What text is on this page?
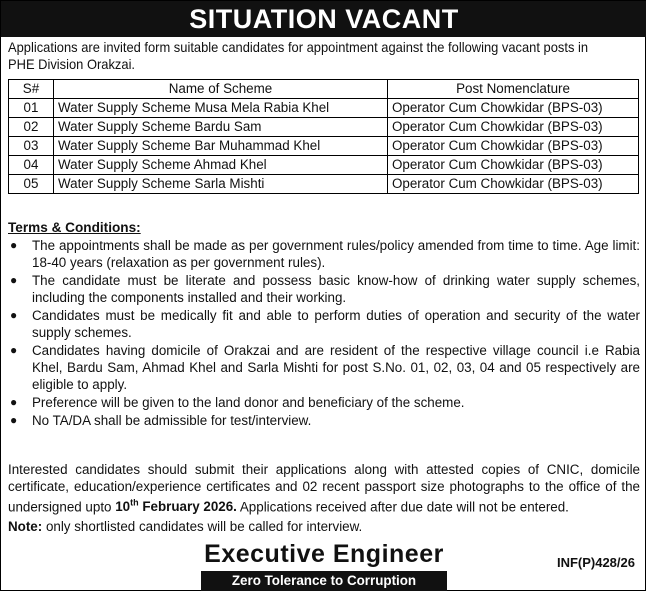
SITUATION VACANT
Applications are invited form suitable candidates for appointment against the following vacant posts in PHE Division Orakzai.
S#	Name of Scheme	Post Nomenclature
01	Water Supply Scheme Musa Mela Rabia Khel	Operator Cum Chowkidar (BPS-03)
02	Water Supply Scheme Bardu Sam	Operator Cum Chowkidar (BPS-03)
03	Water Supply Scheme Bar Muhammad Khel	Operator Cum Chowkidar (BPS-03)
04	Water Supply Scheme Ahmad Khel	Operator Cum Chowkidar (BPS-03)
05	Water Supply Scheme Sarla Mishti	Operator Cum Chowkidar (BPS-03)
Terms & Conditions:
● The appointments shall be made as per government rules/policy amended from time to time. Age limit: 18-40 years (relaxation as per government rules).
● The candidate must be literate and possess basic know-how of drinking water supply schemes, including the components installed and their working.
● Candidates must be medically fit and able to perform duties of operation and security of the water supply schemes.
● Candidates having domicile of Orakzai and are resident of the respective village council i.e Rabia Khel, Bardu Sam, Ahmad Khel and Sarla Mishti for post S.No. 01, 02, 03, 04 and 05 respectively are eligible to apply.
● Preference will be given to the land donor and beneficiary of the scheme.
● No TA/DA shall be admissible for test/interview.
Interested candidates should submit their applications along with attested copies of CNIC, domicile certificate, education/experience certificates and 02 recent passport size photographs to the office of the undersigned upto 10th February 2026. Applications received after due date will not be entered.
Note: only shortlisted candidates will be called for interview.
Executive Engineer	INF(P)428/26
Zero Tolerance to Corruption
